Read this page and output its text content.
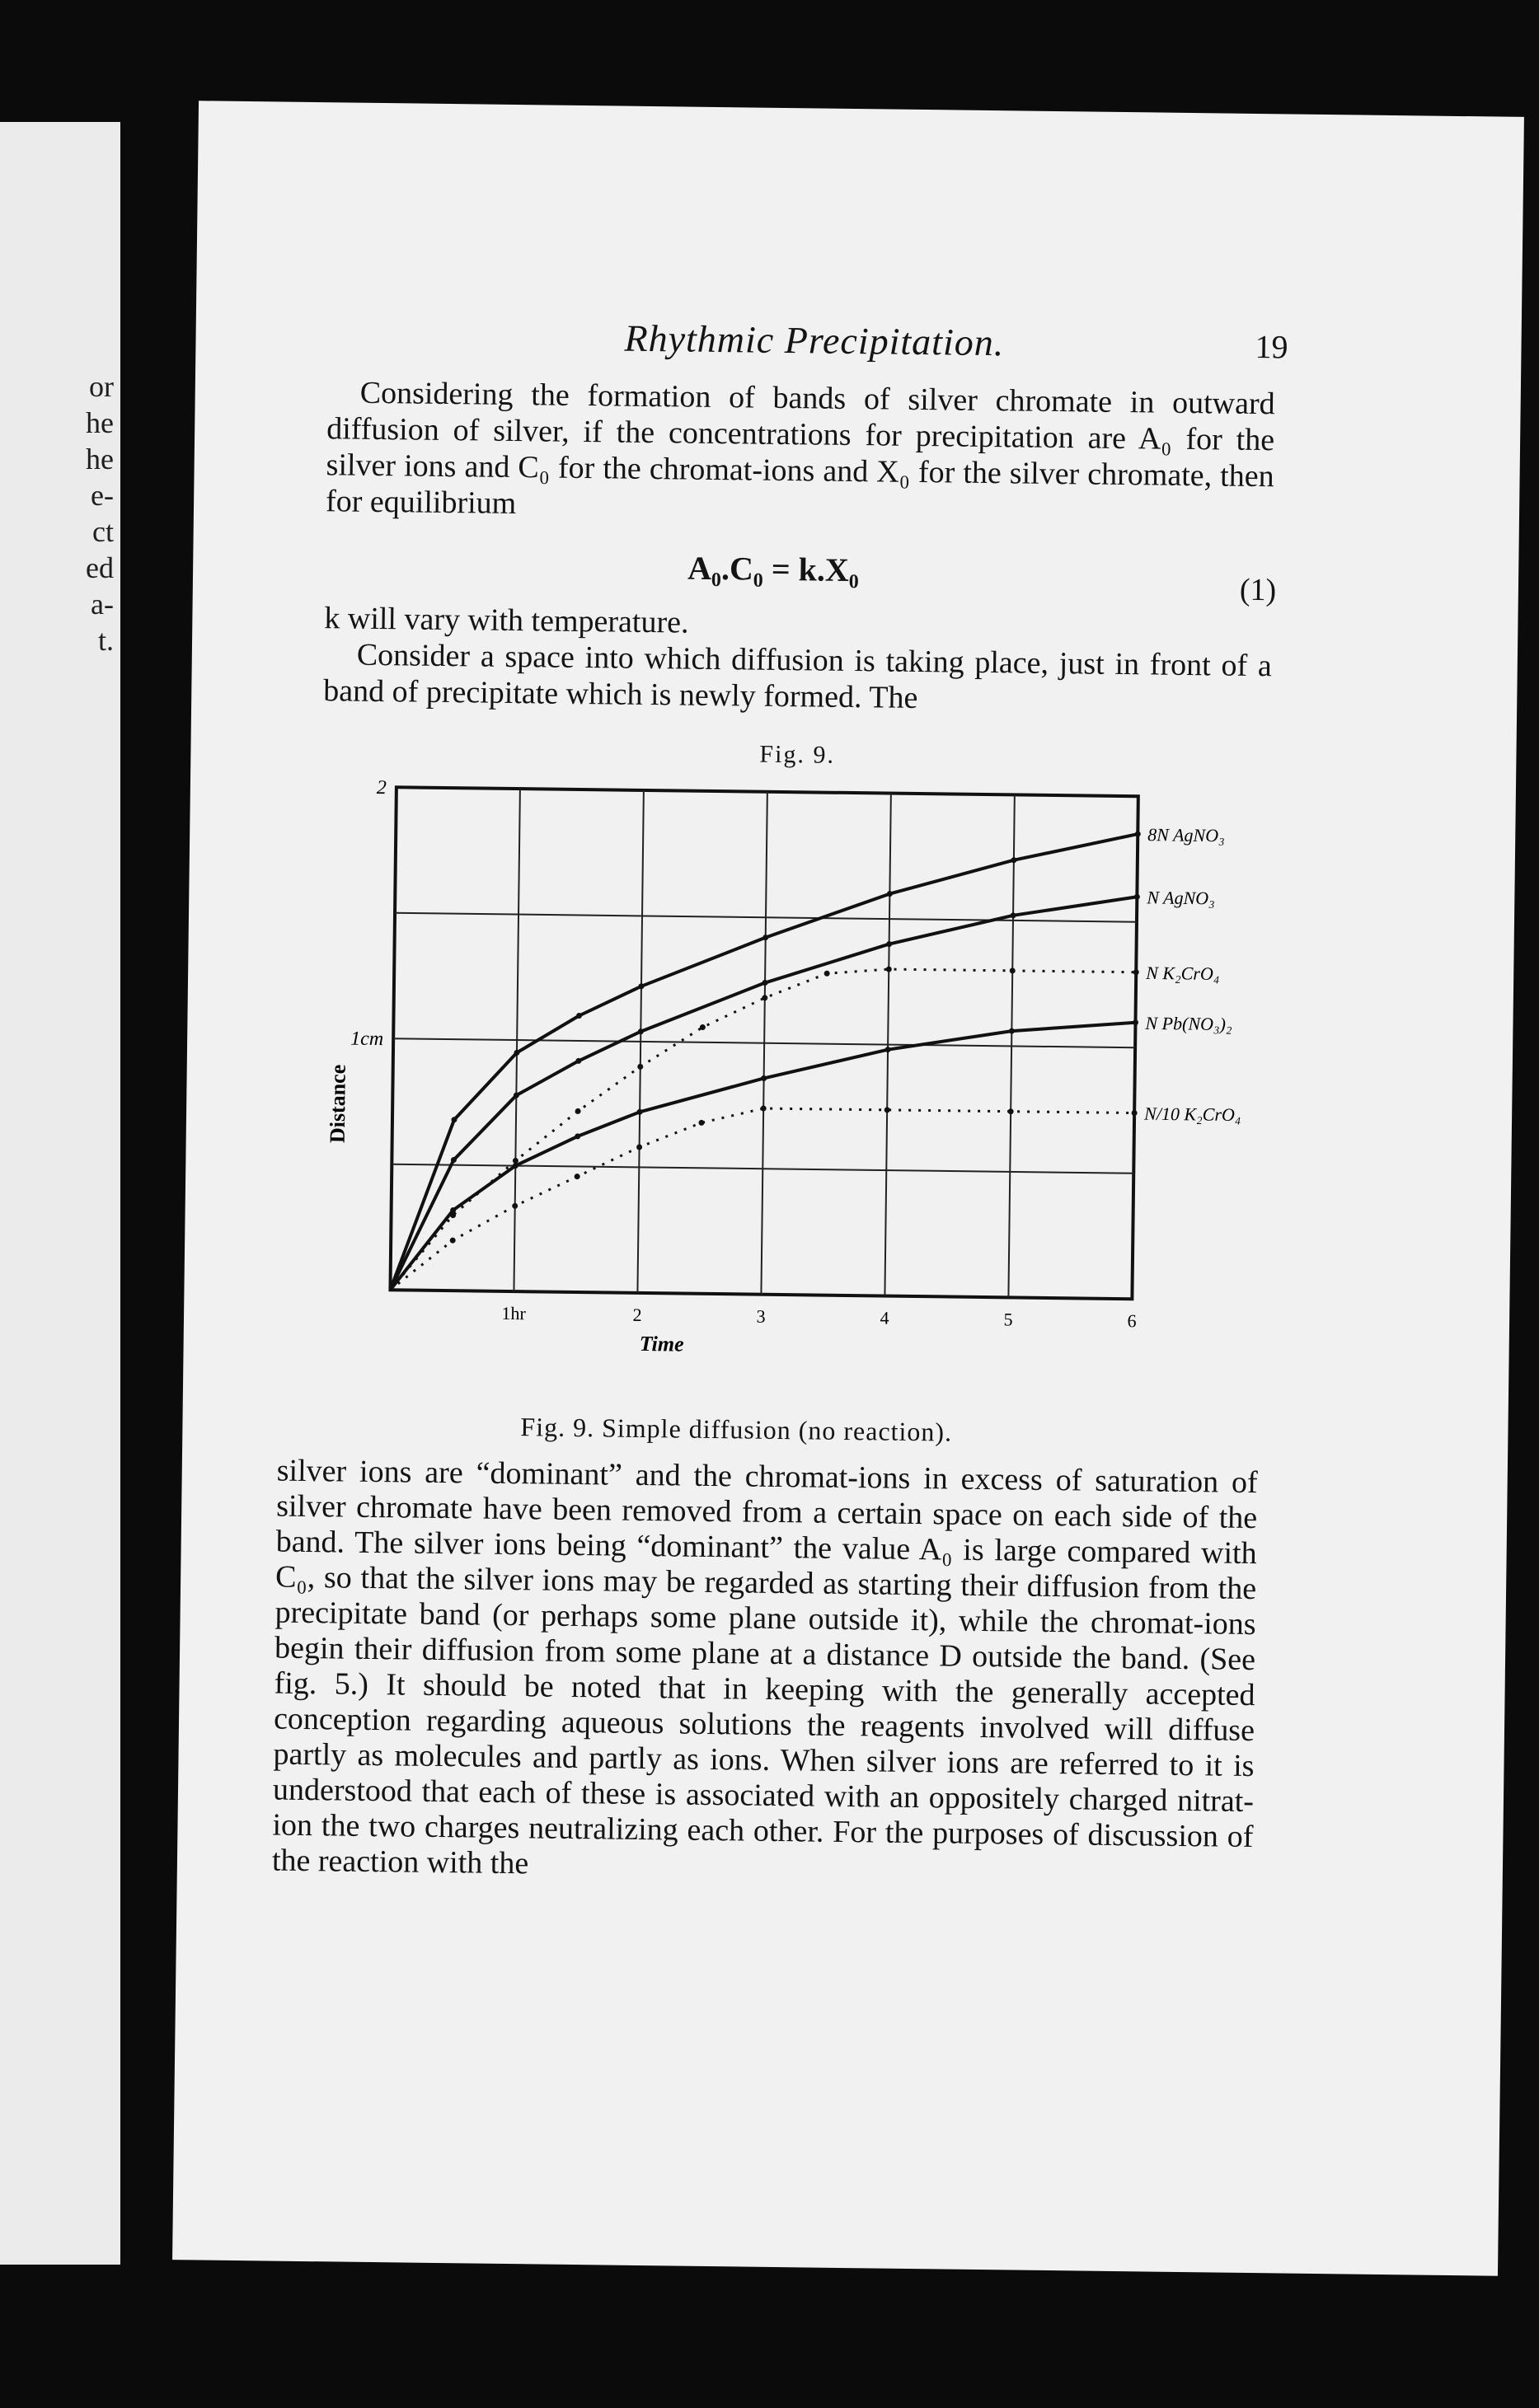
or
he
he
e-
ct
ed
a-
t.
Rhythmic Precipitation.	19

Considering the formation of bands of silver chromate in outward diffusion of silver, if the concentrations for precipitation are A₀ for the silver ions and C₀ for the chromat-ions and X₀ for the silver chromate, then for equilibrium

A₀.C₀ = k.X₀
(1)

k will vary with temperature.

Consider a space into which diffusion is taking place, just in front of a band of precipitate which is newly formed. The

Fig. 9.
1hr	2	3	4	5	6
1cm
2
Time
Distance
8N AgNO₃
N AgNO₃
N K₂CrO₄
N Pb(NO₃)₂
N/10 K₂CrO₄
Fig. 9. Simple diffusion (no reaction).

silver ions are “dominant” and the chromat-ions in excess of saturation of silver chromate have been removed from a certain space on each side of the band. The silver ions being “dominant” the value A₀ is large compared with C₀, so that the silver ions may be regarded as starting their diffusion from the precipitate band (or perhaps some plane outside it), while the chromat-ions begin their diffusion from some plane at a distance D outside the band. (See fig. 5.) It should be noted that in keeping with the generally accepted conception regarding aqueous solutions the reagents involved will diffuse partly as molecules and partly as ions. When silver ions are referred to it is understood that each of these is associated with an oppositely charged nitrat-ion the two charges neutralizing each other. For the purposes of discussion of the reaction with the
